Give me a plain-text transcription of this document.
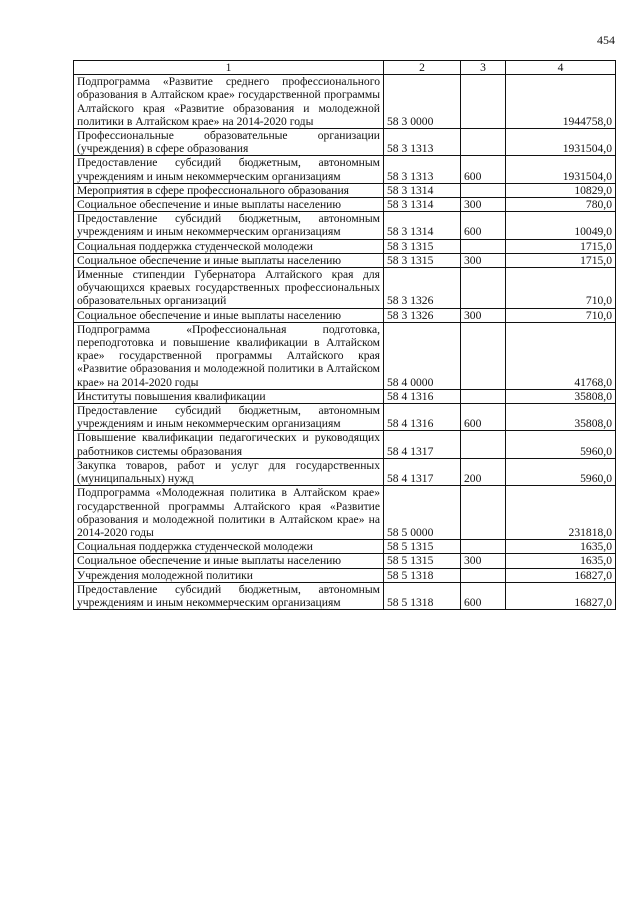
454
1	2	3	4
Подпрограмма «Развитие среднего профессионального образования в Алтайском крае» государственной программы Алтайского края «Развитие образования и молодежной политики в Алтайском крае» на 2014-2020 годы	58 3 0000		1944758,0
Профессиональные образовательные организации (учреждения) в сфере образования	58 3 1313		1931504,0
Предоставление субсидий бюджетным, автономным учреждениям и иным некоммерческим организациям	58 3 1313	600	1931504,0
Мероприятия в сфере профессионального образования	58 3 1314		10829,0
Социальное обеспечение и иные выплаты населению	58 3 1314	300	780,0
Предоставление субсидий бюджетным, автономным учреждениям и иным некоммерческим организациям	58 3 1314	600	10049,0
Социальная поддержка студенческой молодежи	58 3 1315		1715,0
Социальное обеспечение и иные выплаты населению	58 3 1315	300	1715,0
Именные стипендии Губернатора Алтайского края для обучающихся краевых государственных профессиональных образовательных организаций	58 3 1326		710,0
Социальное обеспечение и иные выплаты населению	58 3 1326	300	710,0
Подпрограмма «Профессиональная подготовка, переподготовка и повышение квалификации в Алтайском крае» государственной программы Алтайского края «Развитие образования и молодежной политики в Алтайском крае» на 2014-2020 годы	58 4 0000		41768,0
Институты повышения квалификации	58 4 1316		35808,0
Предоставление субсидий бюджетным, автономным учреждениям и иным некоммерческим организациям	58 4 1316	600	35808,0
Повышение квалификации педагогических и руководящих работников системы образования	58 4 1317		5960,0
Закупка товаров, работ и услуг для государственных (муниципальных) нужд	58 4 1317	200	5960,0
Подпрограмма «Молодежная политика в Алтайском крае» государственной программы Алтайского края «Развитие образования и молодежной политики в Алтайском крае» на 2014-2020 годы	58 5 0000		231818,0
Социальная поддержка студенческой молодежи	58 5 1315		1635,0
Социальное обеспечение и иные выплаты населению	58 5 1315	300	1635,0
Учреждения молодежной политики	58 5 1318		16827,0
Предоставление субсидий бюджетным, автономным учреждениям и иным некоммерческим организациям	58 5 1318	600	16827,0
